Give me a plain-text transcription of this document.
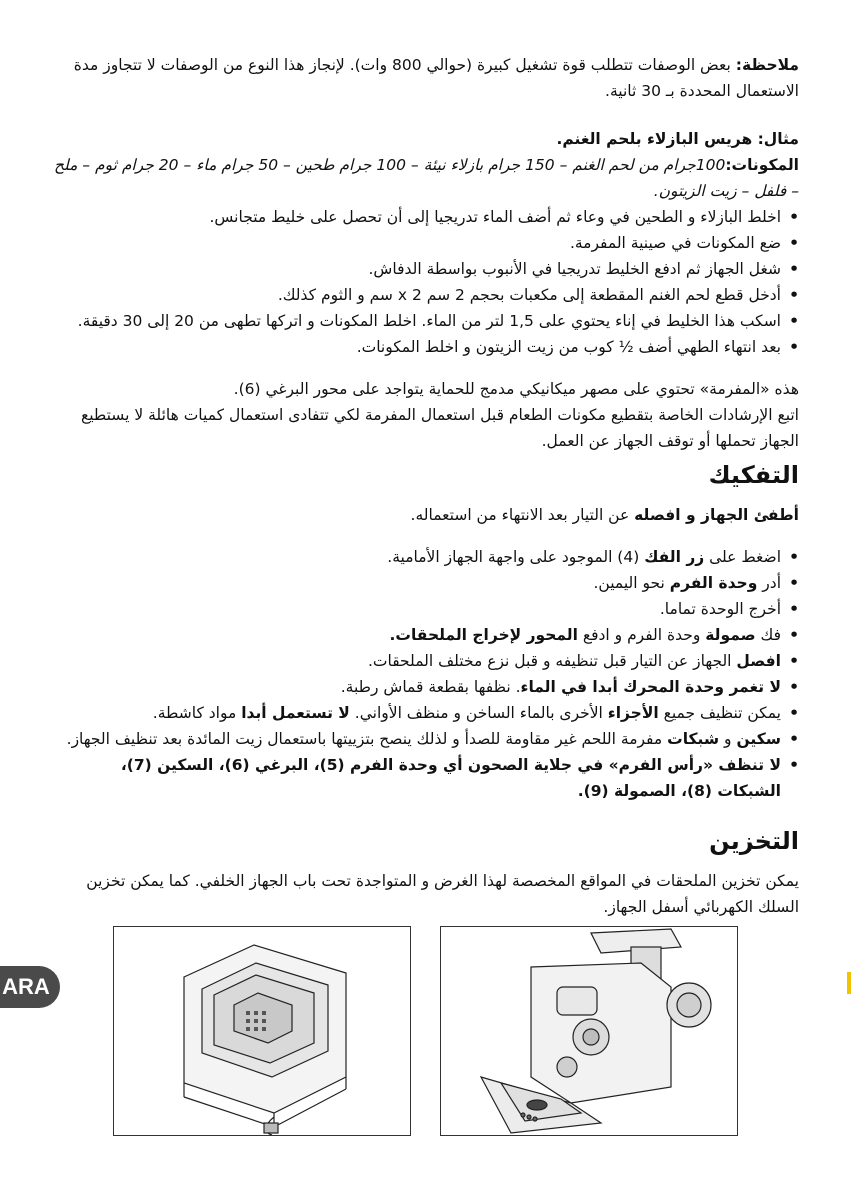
ملاحظة: بعض الوصفات تتطلب قوة تشغيل كبيرة (حوالي 800 وات). لإنجاز هذا النوع من الوصفات لا تتجاوز مدة الاستعمال المحددة بـ 30 ثانية.

مثال: هريس البازلاء بلحم الغنم.

المكونات:100جرام من لحم الغنم – 150 جرام بازلاء نيئة – 100 جرام طحين – 50 جرام ماء – 20 جرام ثوم – ملح – فلفل – زيت الزيتون.

• اخلط البازلاء و الطحين في وعاء ثم أضف الماء تدريجيا إلى أن تحصل على خليط متجانس.
• ضع المكونات في صينية المفرمة.
• شغل الجهاز ثم ادفع الخليط تدريجيا في الأنبوب بواسطة الدفاش.
• أدخل قطع لحم الغنم المقطعة إلى مكعبات بحجم 2 سم x 2 سم و الثوم كذلك.
• اسكب هذا الخليط في إناء يحتوي على 1,5 لتر من الماء. اخلط المكونات و اتركها تطهى من 20 إلى 30 دقيقة.
• بعد انتهاء الطهي أضف ½ كوب من زيت الزيتون و اخلط المكونات.

هذه «المفرمة» تحتوي على مصهر ميكانيكي مدمج للحماية يتواجد على محور البرغي (6).

اتبع الإرشادات الخاصة بتقطيع مكونات الطعام قبل استعمال المفرمة لكي تتفادى استعمال كميات هائلة لا يستطيع الجهاز تحملها أو توقف الجهاز عن العمل.

التفكيك

أطفئ الجهاز و افصله عن التيار بعد الانتهاء من استعماله.

• اضغط على زر الفك (4) الموجود على واجهة الجهاز الأمامية.
• أدر وحدة الفرم نحو اليمين.
• أخرج الوحدة تماما.
• فك صمولة وحدة الفرم و ادفع المحور لإخراج الملحقات.
• افصل الجهاز عن التيار قبل تنظيفه و قبل نزع مختلف الملحقات.
• لا تغمر وحدة المحرك أبدا في الماء. نظفها بقطعة قماش رطبة.
• يمكن تنظيف جميع الأجزاء الأخرى بالماء الساخن و منظف الأواني. لا تستعمل أبدا مواد كاشطة.
• سكين و شبكات مفرمة اللحم غير مقاومة للصدأ و لذلك ينصح بتزييتها باستعمال زيت المائدة بعد تنظيف الجهاز.
• لا تنظف «رأس الفرم» في جلاية الصحون أي وحدة الفرم (5)، البرغي (6)، السكين (7)، الشبكات (8)، الصمولة (9).
التخزين

يمكن تخزين الملحقات في المواقع المخصصة لهذا الغرض و المتواجدة تحت باب الجهاز الخلفي. كما يمكن تخزين السلك الكهربائي أسفل الجهاز.

ARA
